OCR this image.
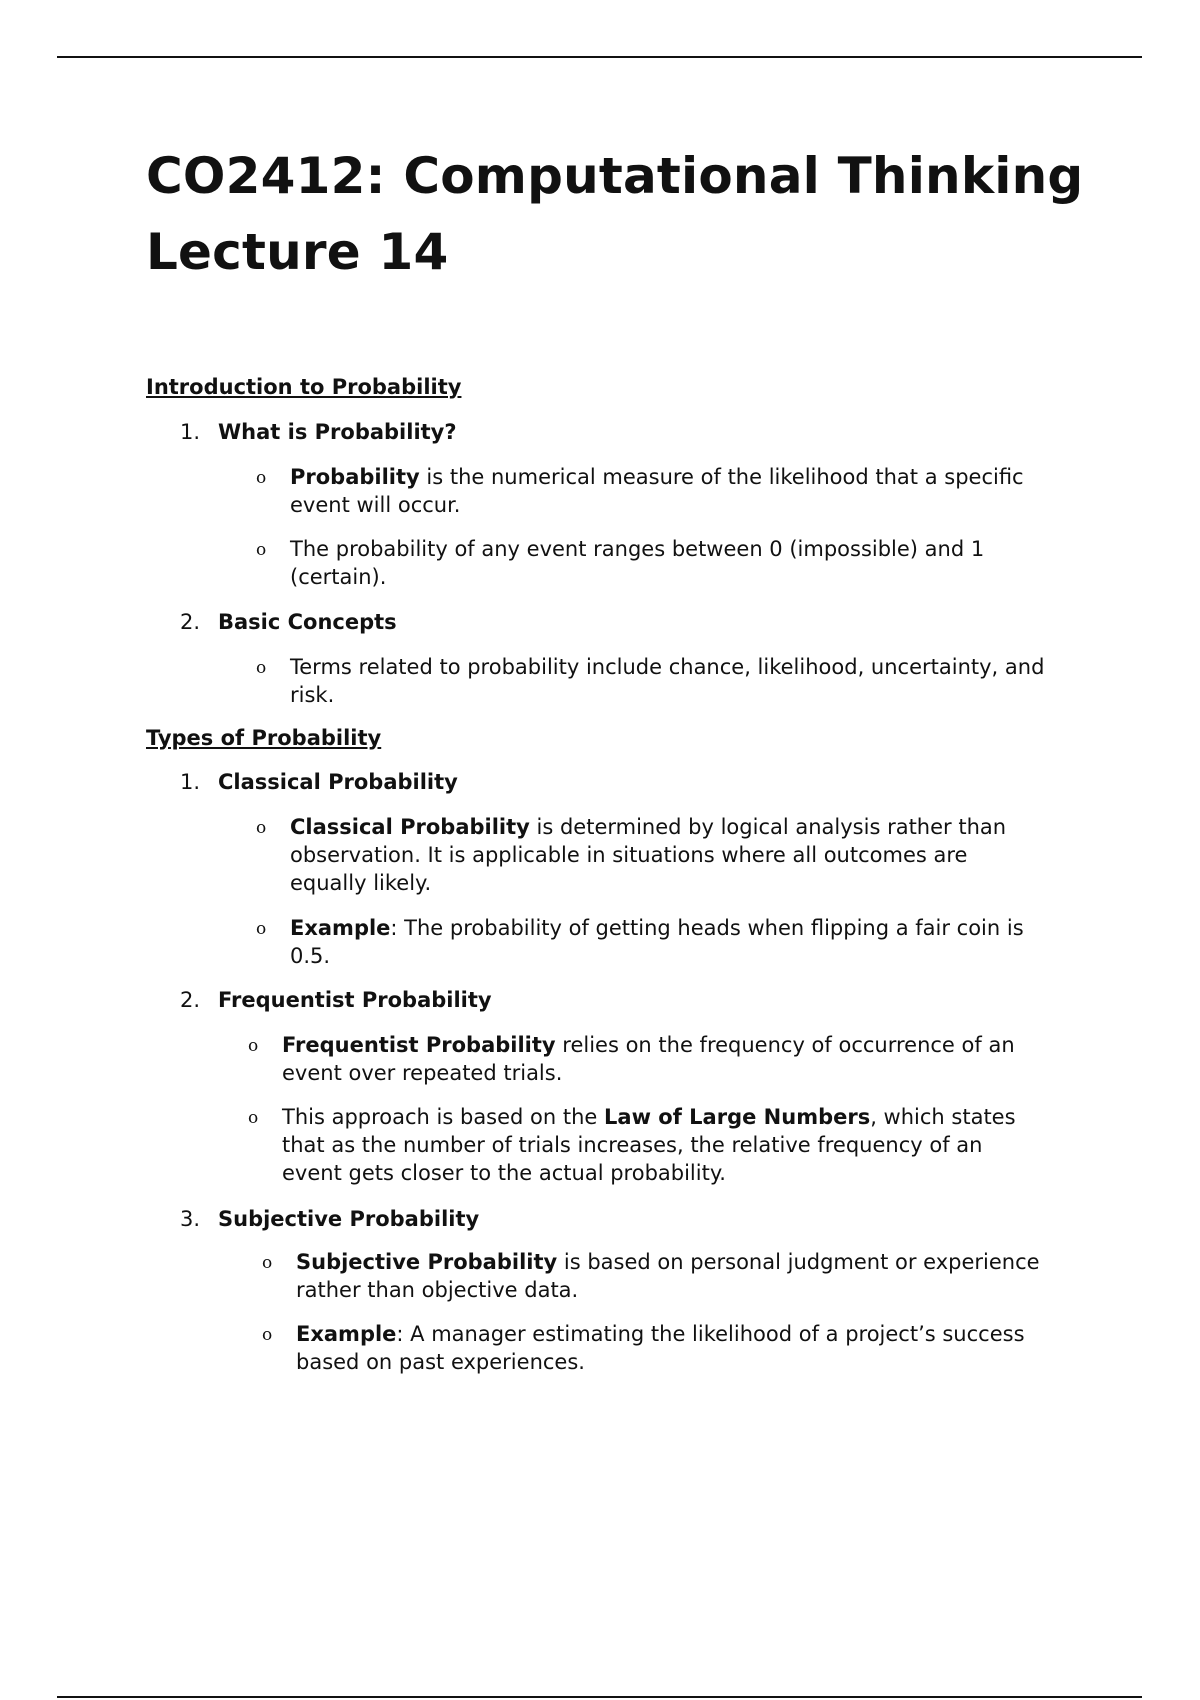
CO2412: Computational Thinking
Lecture 14
Introduction to Probability
1. What is Probability?
o Probability is the numerical measure of the likelihood that a specific event will occur.
o The probability of any event ranges between 0 (impossible) and 1 (certain).
2. Basic Concepts
o Terms related to probability include chance, likelihood, uncertainty, and risk.
Types of Probability
1. Classical Probability
o Classical Probability is determined by logical analysis rather than observation. It is applicable in situations where all outcomes are equally likely.
o Example: The probability of getting heads when flipping a fair coin is 0.5.
2. Frequentist Probability
o Frequentist Probability relies on the frequency of occurrence of an event over repeated trials.
o This approach is based on the Law of Large Numbers, which states that as the number of trials increases, the relative frequency of an event gets closer to the actual probability.
3. Subjective Probability
o Subjective Probability is based on personal judgment or experience rather than objective data.
o Example: A manager estimating the likelihood of a project’s success based on past experiences.
